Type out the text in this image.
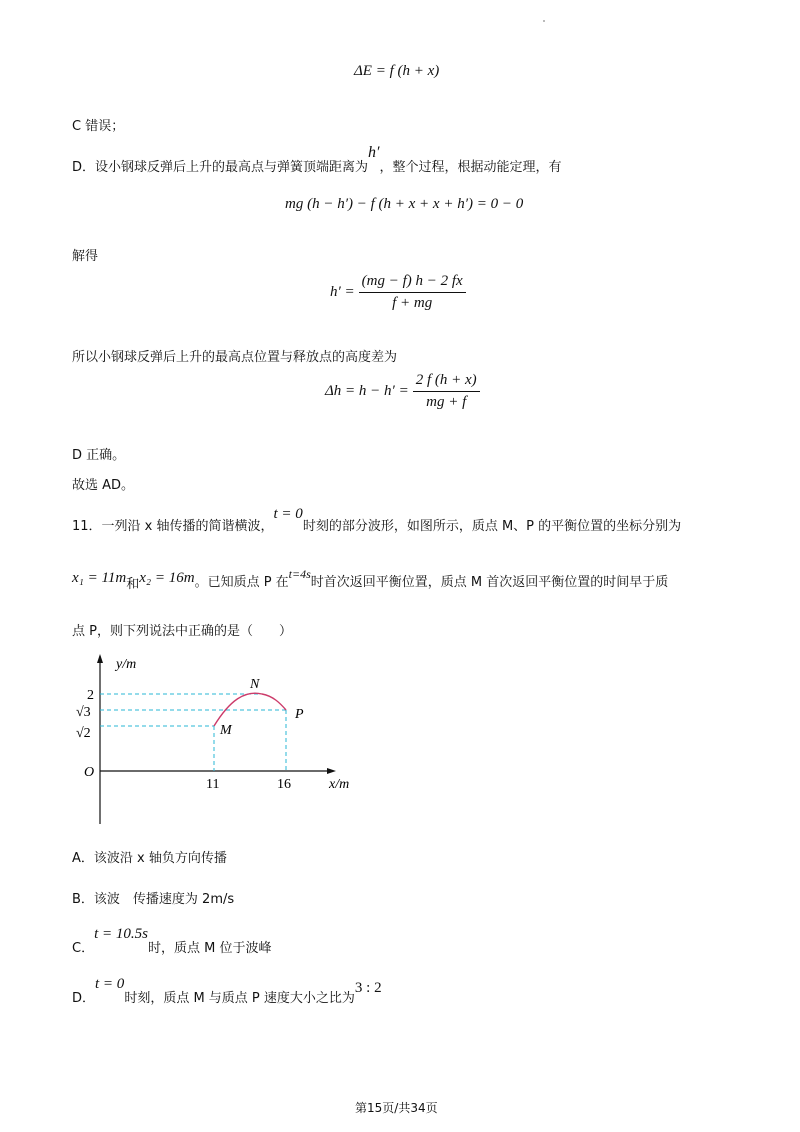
ΔE = f (h + x)
C 错误；
D．设小钢球反弹后上升的最高点与弹簧顶端距离为h′，整个过程，根据动能定理，有
mg (h − h′) − f (h + x + x + h′) = 0 − 0
解得
$h' = \frac{(mg - f) h - 2 fx}{f + mg}$
所以小钢球反弹后上升的最高点位置与释放点的高度差为
$\Delta h = h - h' = \frac{2 f (h + x)}{mg + f}$
D 正确。
故选 AD。
11．一列沿 x 轴传播的简谐横波，t = 0时刻的部分波形，如图所示，质点 M、P 的平衡位置的坐标分别为
x₁ = 11m和x₂ = 16m。已知质点 P 在t=4s时首次返回平衡位置，质点 M 首次返回平衡位置的时间早于质
点 P，则下列说法中正确的是（　　）
y/m
x/m
O
2
√3
√2
11	16
N
M
P
A．该波沿 x 轴负方向传播
B．该波　传播速度为 2m/s
C．t = 10.5s时，质点 M 位于波峰
D．t = 0时刻，质点 M 与质点 P 速度大小之比为3 : 2
第15页/共34页
